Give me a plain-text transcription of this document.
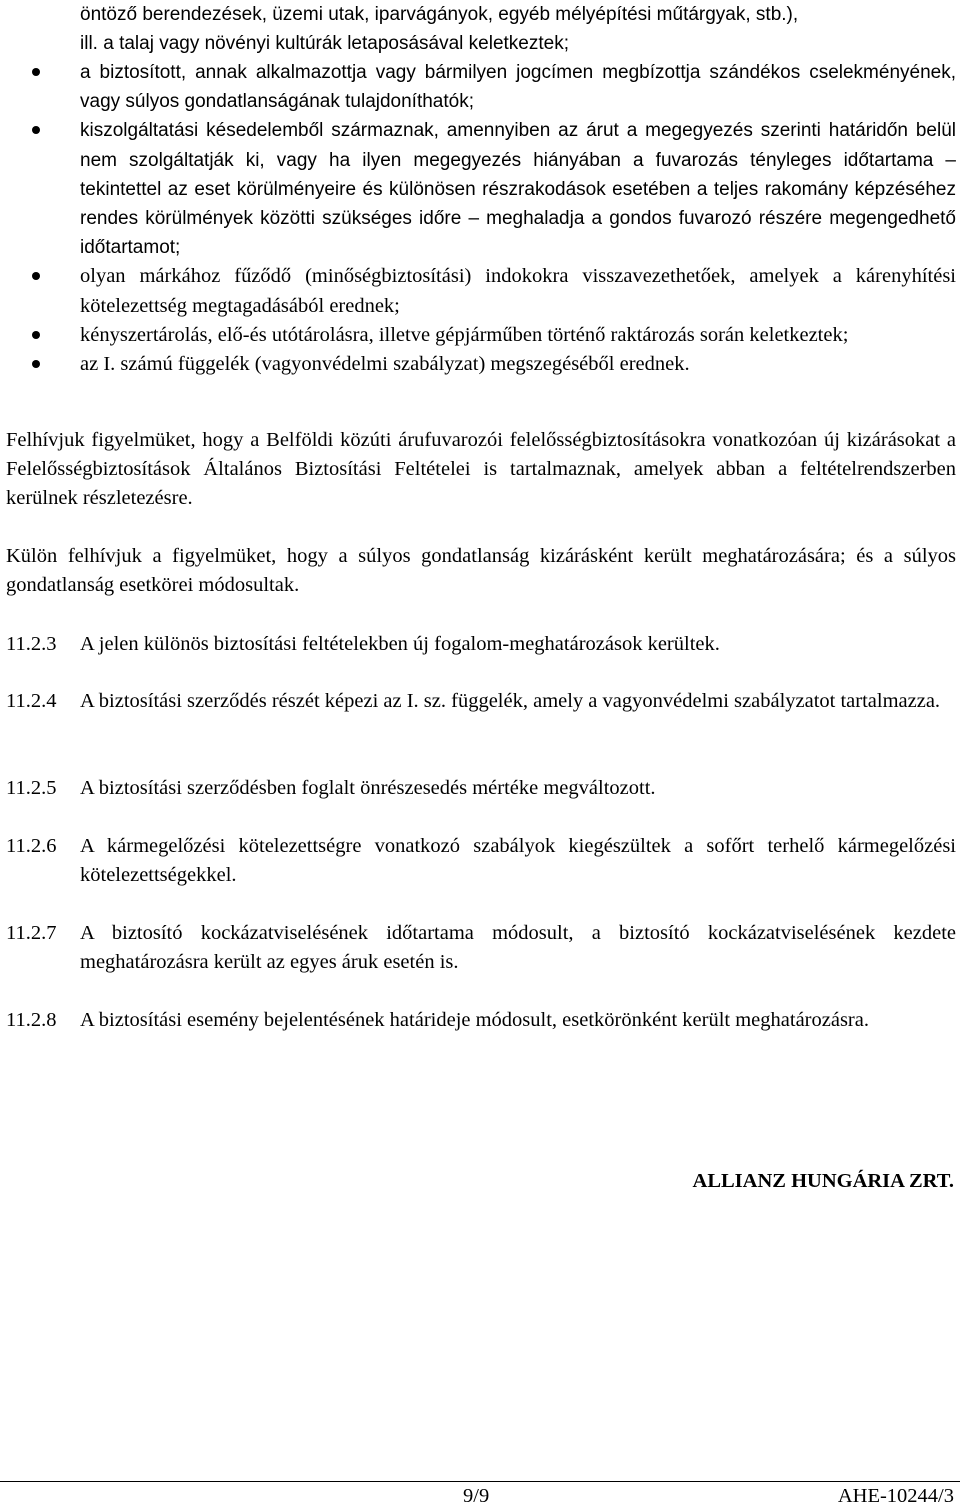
öntöző berendezések, üzemi utak, iparvágányok, egyéb mélyépítési műtárgyak, stb.),
ill. a talaj vagy növényi kultúrák letaposásával keletkeztek;
a biztosított, annak alkalmazottja vagy bármilyen jogcímen megbízottja szándékos cselekményének, vagy súlyos gondatlanságának tulajdoníthatók;
kiszolgáltatási késedelemből származnak, amennyiben az árut a megegyezés szerinti határidőn belül nem szolgáltatják ki, vagy ha ilyen megegyezés hiányában a fuvarozás tényleges időtartama – tekintettel az eset körülményeire és különösen részrakodások esetében a teljes rakomány képzéséhez rendes körülmények közötti szükséges időre – meghaladja a gondos fuvarozó részére megengedhető időtartamot;
olyan márkához fűződő (minőségbiztosítási) indokokra visszavezethetőek, amelyek a kárenyhítési kötelezettség megtagadásából erednek;
kényszertárolás, elő-és utótárolásra, illetve gépjárműben történő raktározás során keletkeztek;
az I. számú függelék (vagyonvédelmi szabályzat) megszegéséből erednek.

Felhívjuk figyelmüket, hogy a Belföldi közúti árufuvarozói felelősségbiztosításokra vonatkozóan új kizárásokat a Felelősségbiztosítások Általános Biztosítási Feltételei is tartalmaznak, amelyek abban a feltételrendszerben kerülnek részletezésre.

Külön felhívjuk a figyelmüket, hogy a súlyos gondatlanság kizárásként került meghatározására; és a súlyos gondatlanság esetkörei módosultak.

11.2.3 A jelen különös biztosítási feltételekben új fogalom-meghatározások kerültek.
11.2.4 A biztosítási szerződés részét képezi az I. sz. függelék, amely a vagyonvédelmi szabályzatot tartalmazza.
11.2.5 A biztosítási szerződésben foglalt önrészesedés mértéke megváltozott.
11.2.6 A kármegelőzési kötelezettségre vonatkozó szabályok kiegészültek a sofőrt terhelő kármegelőzési kötelezettségekkel.
11.2.7 A biztosító kockázatviselésének időtartama módosult, a biztosító kockázatviselésének kezdete meghatározásra került az egyes áruk esetén is.
11.2.8 A biztosítási esemény bejelentésének határideje módosult, esetkörönként került meghatározásra.
ALLIANZ HUNGÁRIA ZRT.
9/9	AHE-10244/3
